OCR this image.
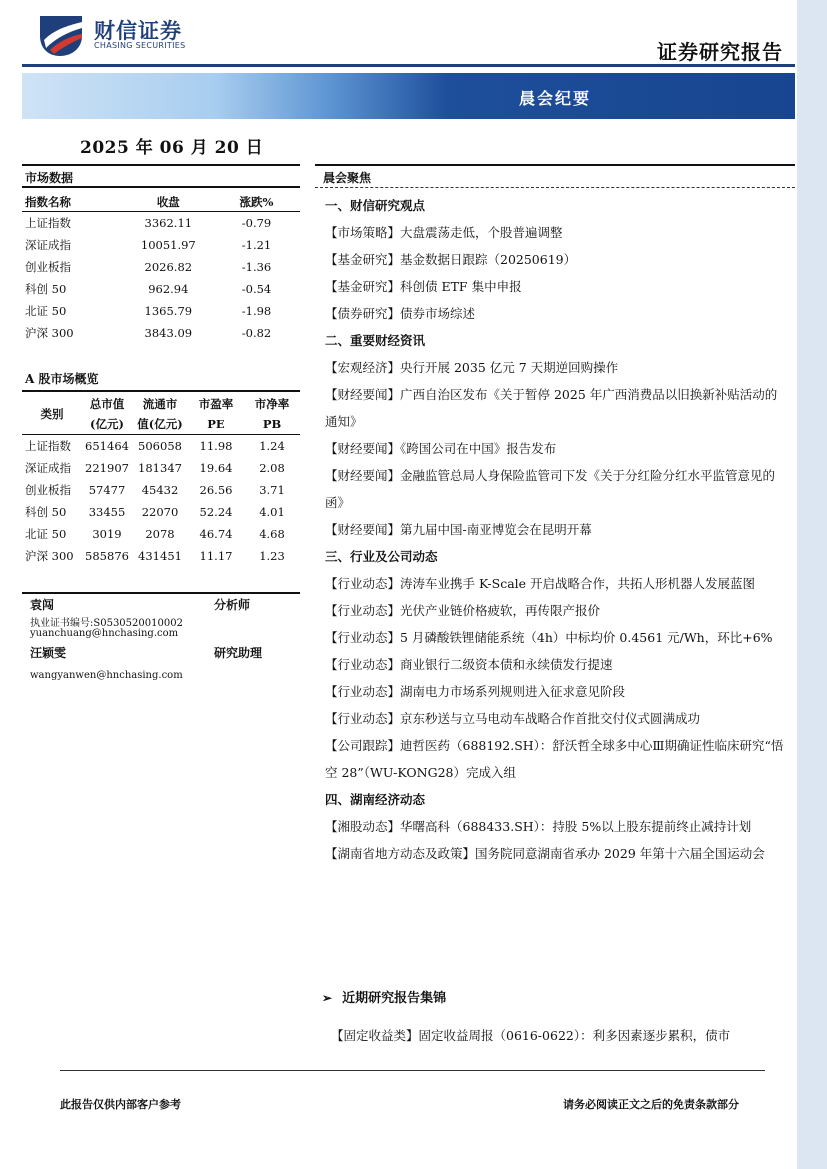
财信证券
CHASING SECURITIES	证券研究报告
晨会纪要
2025 年 06 月 20 日
市场数据
指数名称	收盘	涨跌%
上证指数	3362.11	-0.79
深证成指	10051.97	-1.21
创业板指	2026.82	-1.36
科创 50	962.94	-0.54
北证 50	1365.79	-1.98
沪深 300	3843.09	-0.82
A 股市场概览
类别	总市值	流通市	市盈率	市净率
	(亿元)	值(亿元)	PE	PB
上证指数	651464	506058	11.98	1.24
深证成指	221907	181347	19.64	2.08
创业板指	57477	45432	26.56	3.71
科创 50	33455	22070	52.24	4.01
北证 50	3019	2078	46.74	4.68
沪深 300	585876	431451	11.17	1.23
袁闯	分析师
执业证书编号:S0530520010002
yuanchuang@hnchasing.com
汪颖雯	研究助理
wangyanwen@hnchasing.com
晨会聚焦

一、财信研究观点

【市场策略】大盘震荡走低，个股普遍调整

【基金研究】基金数据日跟踪（20250619）

【基金研究】科创债 ETF 集中申报

【债券研究】债券市场综述

二、重要财经资讯

【宏观经济】央行开展 2035 亿元 7 天期逆回购操作

【财经要闻】广西自治区发布《关于暂停 2025 年广西消费品以旧换新补贴活动的通知》

【财经要闻】《跨国公司在中国》报告发布

【财经要闻】金融监管总局人身保险监管司下发《关于分红险分红水平监管意见的函》

【财经要闻】第九届中国-南亚博览会在昆明开幕

三、行业及公司动态

【行业动态】涛涛车业携手 K-Scale 开启战略合作，共拓人形机器人发展蓝图

【行业动态】光伏产业链价格疲软，再传限产报价

【行业动态】5 月磷酸铁锂储能系统（4h）中标均价 0.4561 元/Wh，环比+6%

【行业动态】商业银行二级资本债和永续债发行提速

【行业动态】湖南电力市场系列规则进入征求意见阶段

【行业动态】京东秒送与立马电动车战略合作首批交付仪式圆满成功

【公司跟踪】迪哲医药（688192.SH）：舒沃哲全球多中心Ⅲ期确证性临床研究“悟空 28”（WU-KONG28）完成入组

四、湖南经济动态

【湘股动态】华曙高科（688433.SH）：持股 5%以上股东提前终止减持计划

【湖南省地方动态及政策】国务院同意湖南省承办 2029 年第十六届全国运动会

➢ 近期研究报告集锦
【固定收益类】固定收益周报（0616-0622）：利多因素逐步累积，债市
此报告仅供内部客户参考	请务必阅读正文之后的免责条款部分
